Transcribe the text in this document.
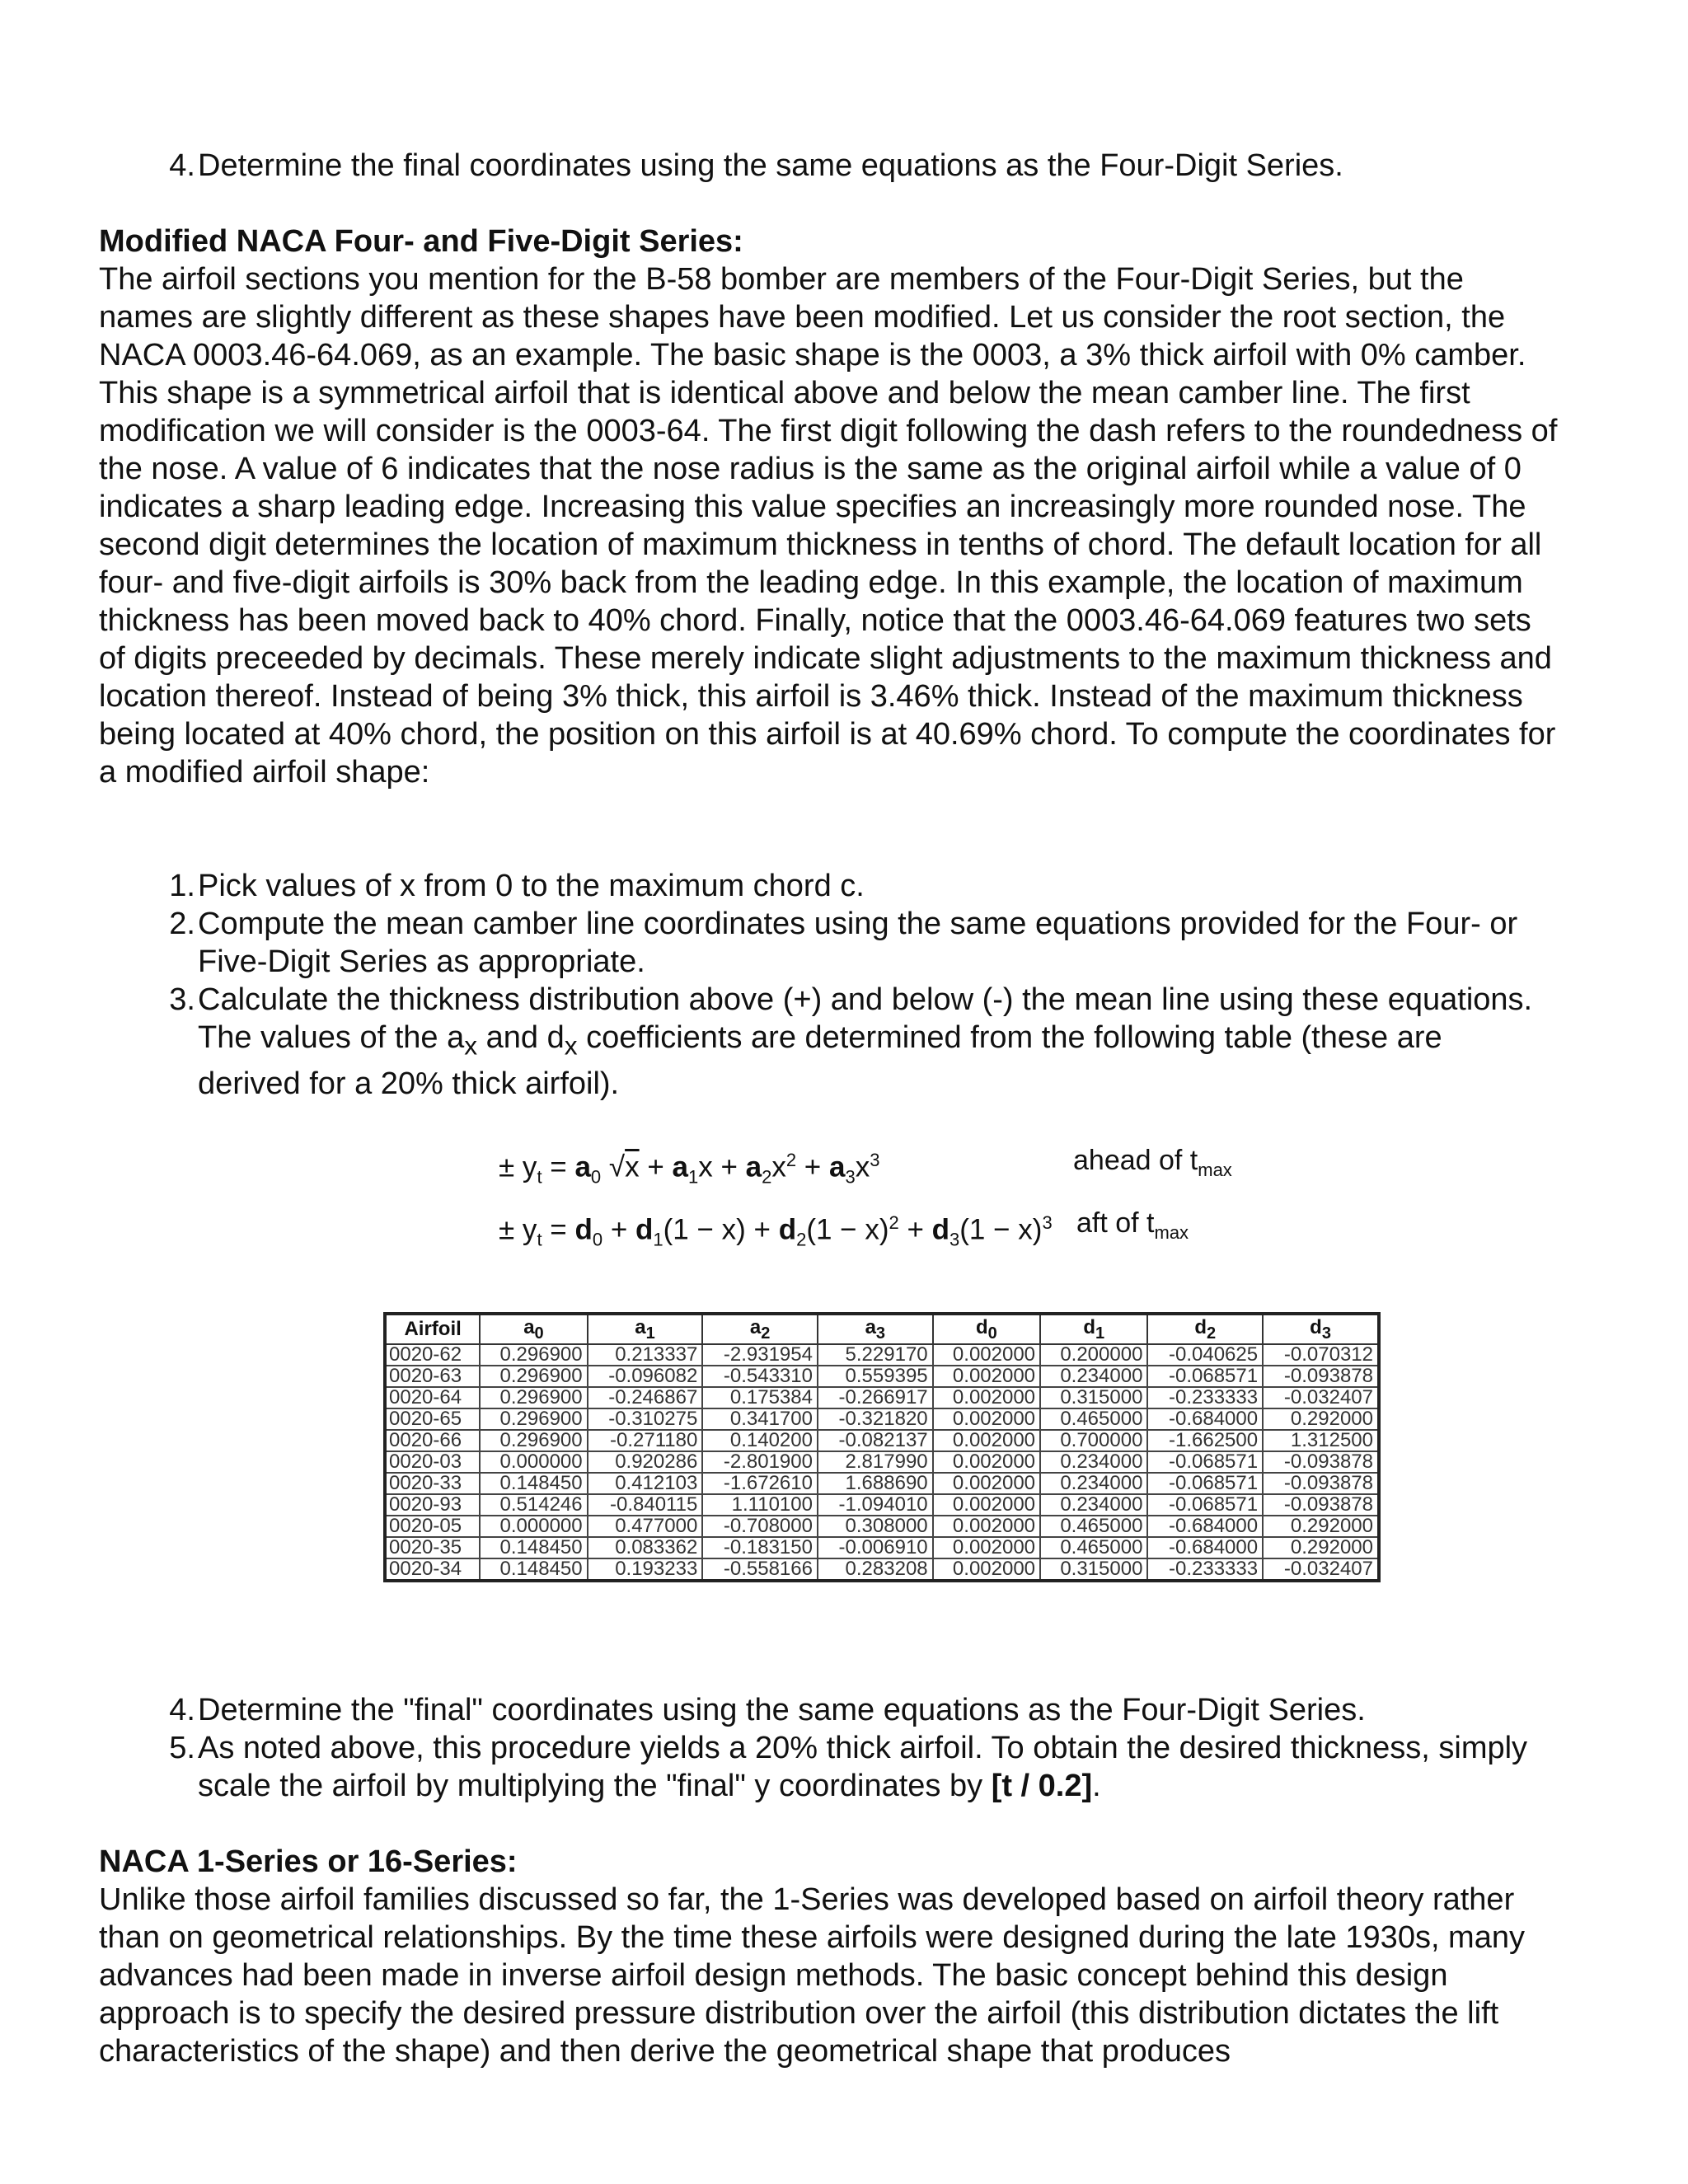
4. Determine the final coordinates using the same equations as the Four-Digit Series.
Modified NACA Four- and Five-Digit Series:
The airfoil sections you mention for the B-58 bomber are members of the Four-Digit Series, but the names are slightly different as these shapes have been modified. Let us consider the root section, the NACA 0003.46-64.069, as an example. The basic shape is the 0003, a 3% thick airfoil with 0% camber. This shape is a symmetrical airfoil that is identical above and below the mean camber line. The first modification we will consider is the 0003-64. The first digit following the dash refers to the roundedness of the nose. A value of 6 indicates that the nose radius is the same as the original airfoil while a value of 0 indicates a sharp leading edge. Increasing this value specifies an increasingly more rounded nose. The second digit determines the location of maximum thickness in tenths of chord. The default location for all four- and five-digit airfoils is 30% back from the leading edge. In this example, the location of maximum thickness has been moved back to 40% chord. Finally, notice that the 0003.46-64.069 features two sets of digits preceeded by decimals. These merely indicate slight adjustments to the maximum thickness and location thereof. Instead of being 3% thick, this airfoil is 3.46% thick. Instead of the maximum thickness being located at 40% chord, the position on this airfoil is at 40.69% chord. To compute the coordinates for a modified airfoil shape:
1. Pick values of x from 0 to the maximum chord c.
2. Compute the mean camber line coordinates using the same equations provided for the Four- or Five-Digit Series as appropriate.
3. Calculate the thickness distribution above (+) and below (-) the mean line using these equations. The values of the $a_x$ and $d_x$ coefficients are determined from the following table (these are derived for a 20% thick airfoil).
± $y_t = a_0$ $√x + a_1x + a_2x^2 + a_3x^3$	ahead of $t_{max}$
± $y_t = d_0 + d_1(1 - x) + d_2(1 - x)^2 + d_3(1 - x)^3$ aft of $t_{max}$
Airfoil	$a_0$	$a_1$	$a_2$	$a_3$	$d_0$	$d_1$	$d_2$	$d_3$
0020-62	0.296900	0.213337	-2.931954	5.229170	0.002000	0.200000	-0.040625	-0.070312
0020-63	0.296900	-0.096082	-0.543310	0.559395	0.002000	0.234000	-0.068571	-0.093878
0020-64	0.296900	-0.246867	0.175384	-0.266917	0.002000	0.315000	-0.233333	-0.032407
0020-65	0.296900	-0.310275	0.341700	-0.321820	0.002000	0.465000	-0.684000	0.292000
0020-66	0.296900	-0.271180	0.140200	-0.082137	0.002000	0.700000	-1.662500	1.312500
0020-03	0.000000	0.920286	-2.801900	2.817990	0.002000	0.234000	-0.068571	-0.093878
0020-33	0.148450	0.412103	-1.672610	1.688690	0.002000	0.234000	-0.068571	-0.093878
0020-93	0.514246	-0.840115	1.110100	-1.094010	0.002000	0.234000	-0.068571	-0.093878
0020-05	0.000000	0.477000	-0.708000	0.308000	0.002000	0.465000	-0.684000	0.292000
0020-35	0.148450	0.083362	-0.183150	-0.006910	0.002000	0.465000	-0.684000	0.292000
0020-34	0.148450	0.193233	-0.558166	0.283208	0.002000	0.315000	-0.233333	-0.032407
4. Determine the "final" coordinates using the same equations as the Four-Digit Series.
5. As noted above, this procedure yields a 20% thick airfoil. To obtain the desired thickness, simply scale the airfoil by multiplying the "final" y coordinates by [t / 0.2].
NACA 1-Series or 16-Series:
Unlike those airfoil families discussed so far, the 1-Series was developed based on airfoil theory rather than on geometrical relationships. By the time these airfoils were designed during the late 1930s, many advances had been made in inverse airfoil design methods. The basic concept behind this design approach is to specify the desired pressure distribution over the airfoil (this distribution dictates the lift characteristics of the shape) and then derive the geometrical shape that produces
